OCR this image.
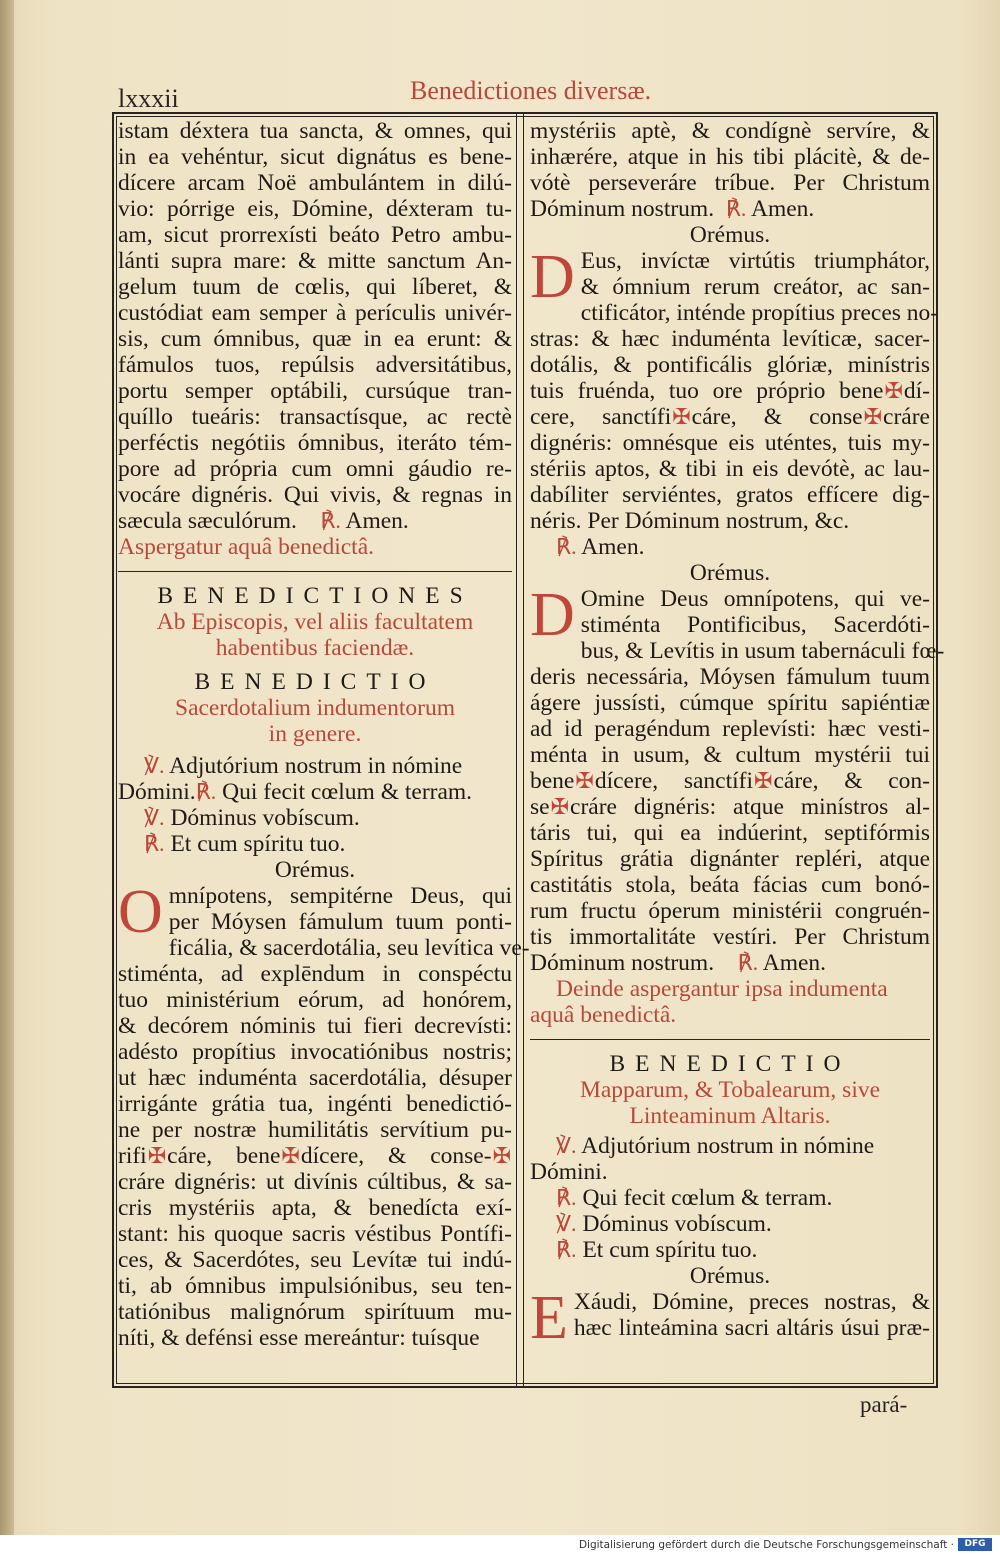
lxxxii	Benedictiones diversæ.
istam déxtera tua sancta, & omnes, qui
in ea vehéntur, sicut dignátus es bene-
dícere arcam Noë ambulántem in dilú-
vio: pórrige eis, Dómine, déxteram tu-
am, sicut prorrexísti beáto Petro ambu-
lánti supra mare: & mitte sanctum An-
gelum tuum de cœlis, qui líberet, &
custódiat eam semper à perículis univér-
sis, cum ómnibus, quæ in ea erunt: &
fámulos tuos, repúlsis adversitátibus,
portu semper optábili, cursúque tran-
quíllo tueáris: transactísque, ac rectè
perféctis negótiis ómnibus, iteráto tém-
pore ad própria cum omni gáudio re-
vocáre dignéris. Qui vivis, & regnas in
sæcula sæculórum. ℟. Amen.
Aspergatur aquâ benedictâ.
BENEDICTIONES
Ab Episcopis, vel aliis facultatem
habentibus faciendæ.
BENEDICTIO
Sacerdotalium indumentorum
in genere.
℣. Adjutórium nostrum in nómine
Dómini.℟. Qui fecit cœlum & terram.
℣. Dóminus vobíscum.
℟. Et cum spíritu tuo.
Orémus.
O mnípotens, sempitérne Deus, qui
per Móysen fámulum tuum ponti-
ficália, & sacerdotália, seu levítica ve-
stiménta, ad explēndum in conspéctu
tuo ministérium eórum, ad honórem,
& decórem nóminis tui fieri decrevísti:
adésto propítius invocatiónibus nostris;
ut hæc induménta sacerdotália, désuper
irrigánte grátia tua, ingénti benedictió-
ne per nostræ humilitátis servítium pu-
rifi✠cáre, bene✠dícere, & conse-✠
cráre dignéris: ut divínis cúltibus, & sa-
cris mystériis apta, & benedícta exí-
stant: his quoque sacris véstibus Pontífi-
ces, & Sacerdótes, seu Levítæ tui indú-
ti, ab ómnibus impulsiónibus, seu ten-
tatiónibus malignórum spirítuum mu-
níti, & defénsi esse mereántur: tuísque
mystériis aptè, & condígnè servíre, &
inhærére, atque in his tibi plácitè, & de-
vótè perseveráre tríbue. Per Christum
Dóminum nostrum. ℟. Amen.
Orémus.
D Eus, invíctæ virtútis triumphátor,
& ómnium rerum creátor, ac san-
ctificátor, inténde propítius preces no-
stras: & hæc induménta levíticæ, sacer-
dotális, & pontificális glóriæ, minístris
tuis fruénda, tuo ore próprio bene✠dí-
cere, sanctífi✠cáre, & conse✠cráre
dignéris: omnésque eis uténtes, tuis my-
stériis aptos, & tibi in eis devótè, ac lau-
dabíliter serviéntes, gratos effícere dig-
néris. Per Dóminum nostrum, &c.
℟. Amen.
Orémus.
D Omine Deus omnípotens, qui ve-
stiménta Pontificibus, Sacerdóti-
bus, & Levítis in usum tabernáculi fœ-
deris necessária, Móysen fámulum tuum
ágere jussísti, cúmque spíritu sapiéntiæ
ad id peragéndum replevísti: hæc vesti-
ménta in usum, & cultum mystérii tui
bene✠dícere, sanctífi✠cáre, & con-
se✠cráre dignéris: atque minístros al-
táris tui, qui ea indúerint, septifórmis
Spíritus grátia dignánter repléri, atque
castitátis stola, beáta fácias cum bonó-
rum fructu óperum ministérii congruén-
tis immortalitáte vestíri. Per Christum
Dóminum nostrum. ℟. Amen.
Deinde aspergantur ipsa indumenta
aquâ benedictâ.
BENEDICTIO
Mapparum, & Tobalearum, sive
Linteaminum Altaris.
℣. Adjutórium nostrum in nómine
Dómini.
℟. Qui fecit cœlum & terram.
℣. Dóminus vobíscum.
℟. Et cum spíritu tuo.
Orémus.
E Xáudi, Dómine, preces nostras, &
hæc linteámina sacri altáris úsui præ-
pará-
Digitalisierung gefördert durch die Deutsche Forschungsgemeinschaft ·	DFG
